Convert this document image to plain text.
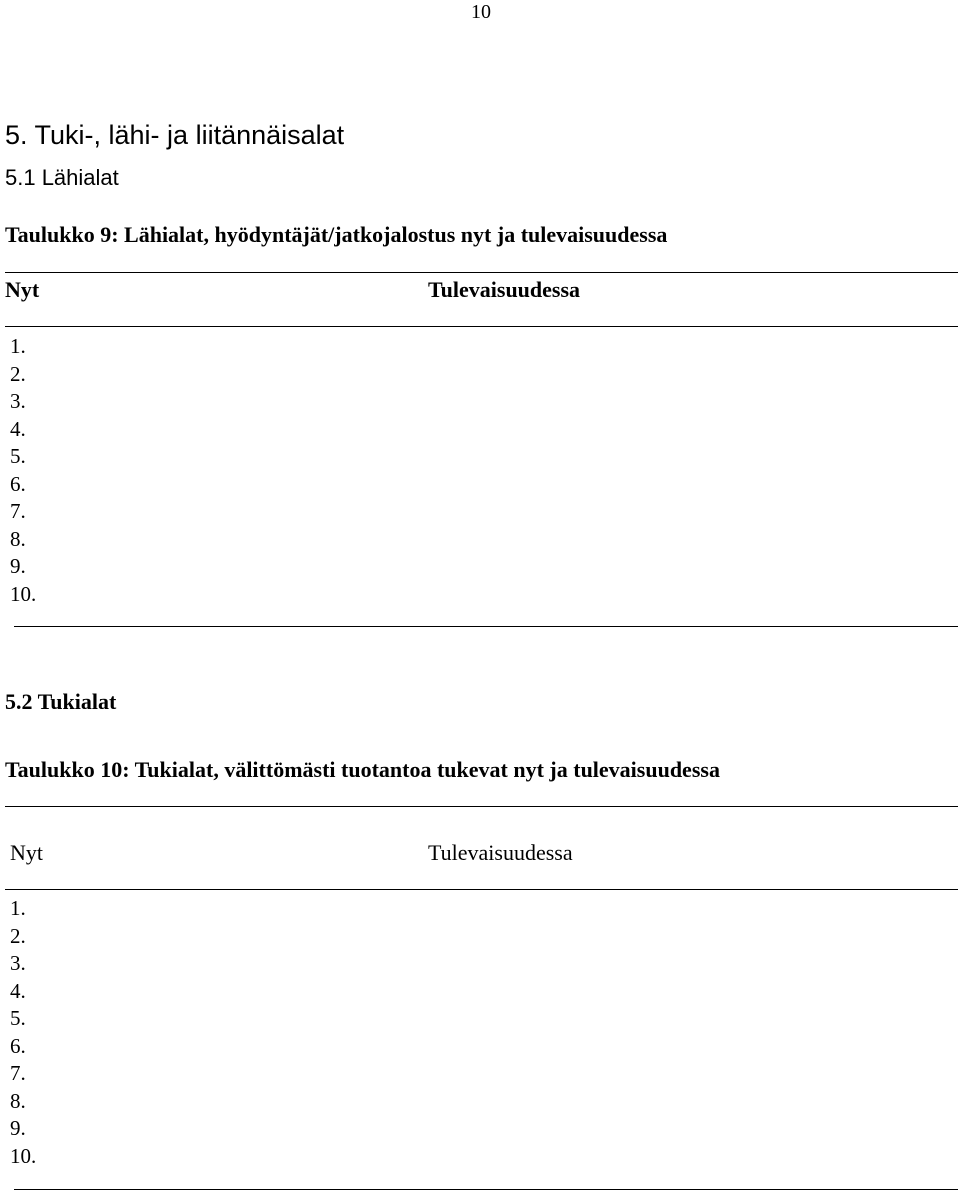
10
5. Tuki-, lähi- ja liitännäisalat
5.1 Lähialat
Taulukko 9: Lähialat, hyödyntäjät/jatkojalostus nyt ja tulevaisuudessa
Nyt	Tulevaisuudessa
1.
2.
3.
4.
5.
6.
7.
8.
9.
10.
5.2 Tukialat
Taulukko 10: Tukialat, välittömästi tuotantoa tukevat nyt ja tulevaisuudessa
Nyt	Tulevaisuudessa
1.
2.
3.
4.
5.
6.
7.
8.
9.
10.
